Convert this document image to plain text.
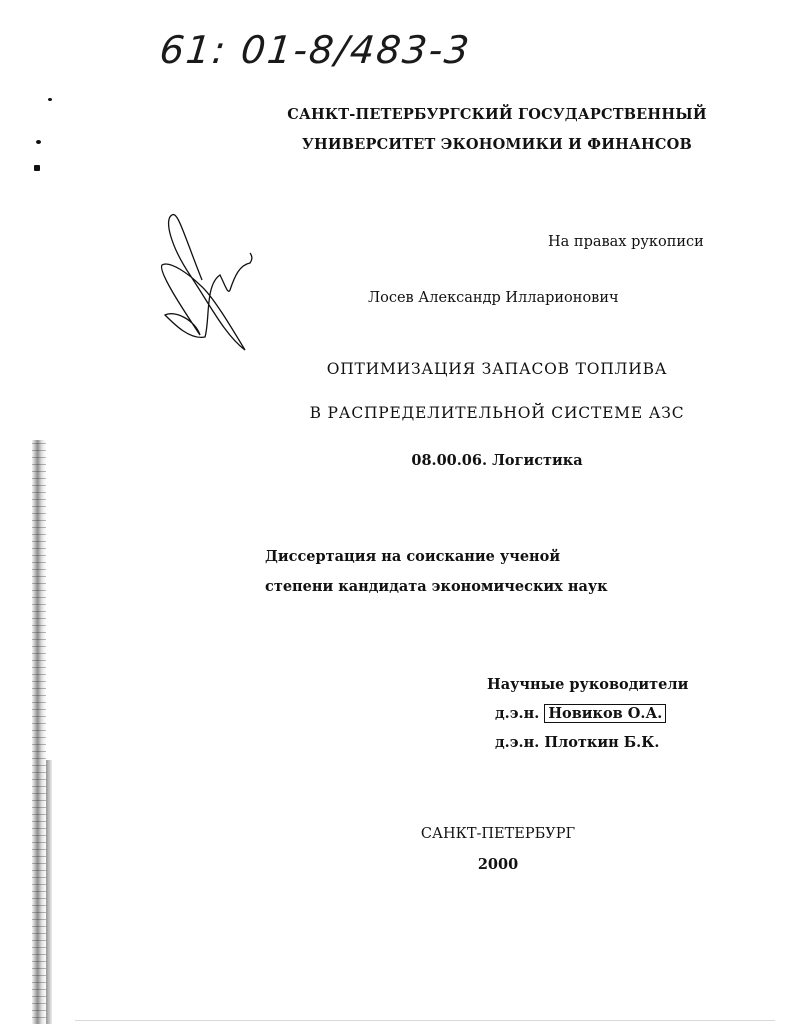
61: 01-8/483-3
САНКТ-ПЕТЕРБУРГСКИЙ ГОСУДАРСТВЕННЫЙ
УНИВЕРСИТЕТ ЭКОНОМИКИ И ФИНАНСОВ
На правах рукописи
Лосев Александр Илларионович
ОПТИМИЗАЦИЯ ЗАПАСОВ ТОПЛИВА
В РАСПРЕДЕЛИТЕЛЬНОЙ СИСТЕМЕ АЗС
08.00.06. Логистика
Диссертация на соискание ученой
степени кандидата экономических наук
Научные руководители
д.э.н. Новиков О.А.
д.э.н. Плоткин Б.К.
САНКТ-ПЕТЕРБУРГ
2000
